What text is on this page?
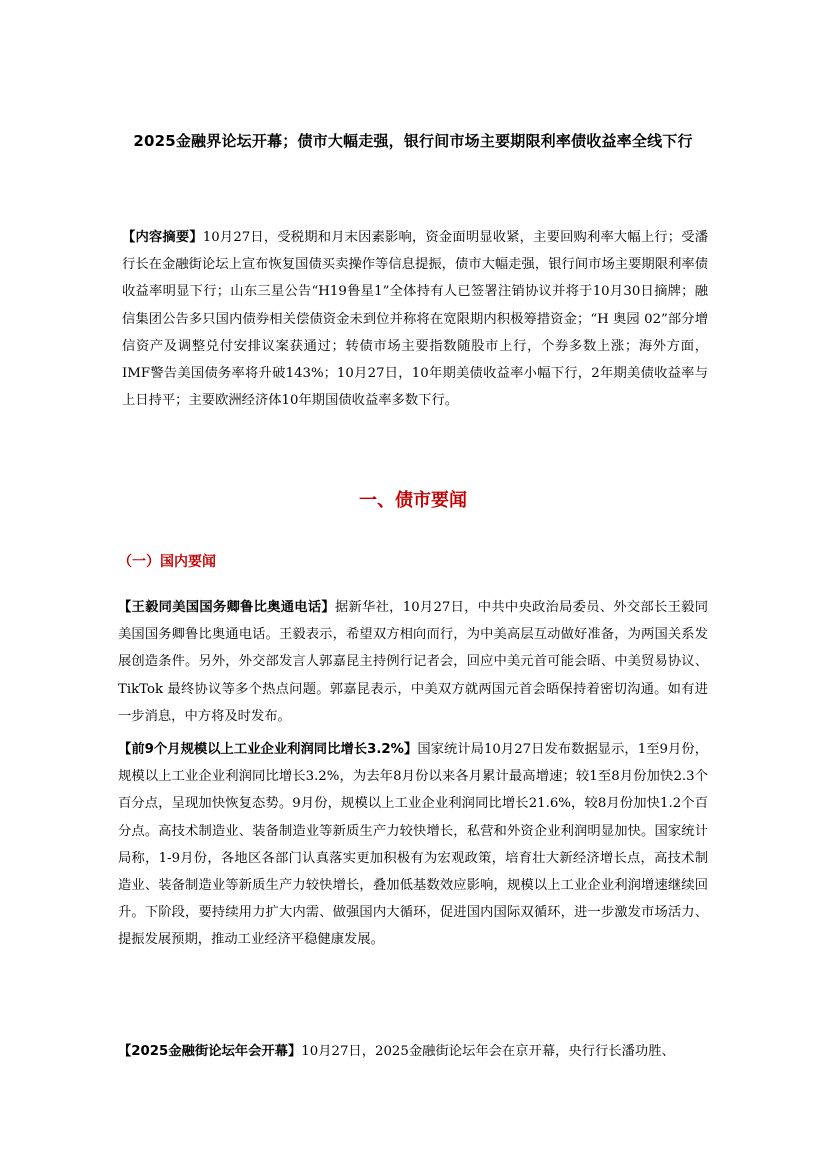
2025金融界论坛开幕；债市大幅走强，银行间市场主要期限利率债收益率全线下行
【内容摘要】10月27日，受税期和月末因素影响，资金面明显收紧，主要回购利率大幅上行；受潘行长在金融街论坛上宣布恢复国债买卖操作等信息提振，债市大幅走强，银行间市场主要期限利率债收益率明显下行；山东三星公告“H19鲁星1”全体持有人已签署注销协议并将于10月30日摘牌；融信集团公告多只国内债券相关偿债资金未到位并称将在宽限期内积极筹措资金；“H 奥园 02”部分增信资产及调整兑付安排议案获通过；转债市场主要指数随股市上行，个券多数上涨；海外方面，IMF警告美国债务率将升破143%；10月27日，10年期美债收益率小幅下行，2年期美债收益率与上日持平；主要欧洲经济体10年期国债收益率多数下行。
一、债市要闻
（一）国内要闻
【王毅同美国国务卿鲁比奥通电话】据新华社，10月27日，中共中央政治局委员、外交部长王毅同美国国务卿鲁比奥通电话。王毅表示，希望双方相向而行，为中美高层互动做好准备，为两国关系发展创造条件。另外，外交部发言人郭嘉昆主持例行记者会，回应中美元首可能会晤、中美贸易协议、TikTok 最终协议等多个热点问题。郭嘉昆表示，中美双方就两国元首会晤保持着密切沟通。如有进一步消息，中方将及时发布。
【前9个月规模以上工业企业利润同比增长3.2%】国家统计局10月27日发布数据显示，1至9月份，规模以上工业企业利润同比增长3.2%，为去年8月份以来各月累计最高增速；较1至8月份加快2.3个百分点，呈现加快恢复态势。9月份，规模以上工业企业利润同比增长21.6%，较8月份加快1.2个百分点。高技术制造业、装备制造业等新质生产力较快增长，私营和外资企业利润明显加快。国家统计局称，1-9月份，各地区各部门认真落实更加积极有为宏观政策，培育壮大新经济增长点，高技术制造业、装备制造业等新质生产力较快增长，叠加低基数效应影响，规模以上工业企业利润增速继续回升。下阶段，要持续用力扩大内需、做强国内大循环，促进国内国际双循环，进一步激发市场活力、提振发展预期，推动工业经济平稳健康发展。
【2025金融街论坛年会开幕】10月27日，2025金融街论坛年会在京开幕，央行行长潘功胜、
